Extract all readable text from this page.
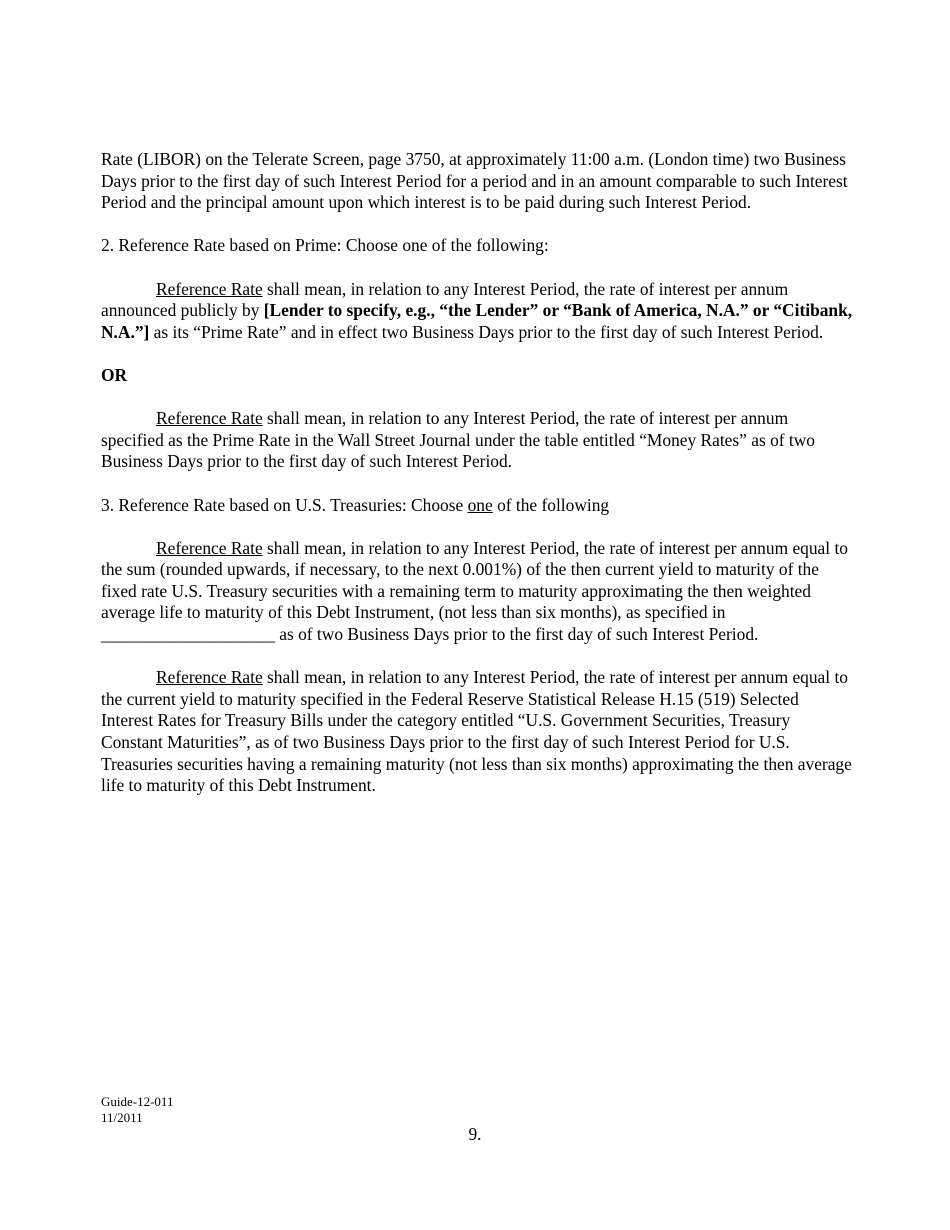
Rate (LIBOR) on the Telerate Screen, page 3750, at approximately 11:00 a.m. (London time) two Business Days prior to the first day of such Interest Period for a period and in an amount comparable to such Interest Period and the principal amount upon which interest is to be paid during such Interest Period.

2. Reference Rate based on Prime: Choose one of the following:

Reference Rate shall mean, in relation to any Interest Period, the rate of interest per annum announced publicly by [Lender to specify, e.g., “the Lender” or “Bank of America, N.A.” or “Citibank, N.A.”] as its “Prime Rate” and in effect two Business Days prior to the first day of such Interest Period.

OR

Reference Rate shall mean, in relation to any Interest Period, the rate of interest per annum specified as the Prime Rate in the Wall Street Journal under the table entitled “Money Rates” as of two Business Days prior to the first day of such Interest Period.

3. Reference Rate based on U.S. Treasuries: Choose one of the following

Reference Rate shall mean, in relation to any Interest Period, the rate of interest per annum equal to the sum (rounded upwards, if necessary, to the next 0.001%) of the then current yield to maturity of the fixed rate U.S. Treasury securities with a remaining term to maturity approximating the then weighted average life to maturity of this Debt Instrument, (not less than six months), as specified in ____________________ as of two Business Days prior to the first day of such Interest Period.

Reference Rate shall mean, in relation to any Interest Period, the rate of interest per annum equal to the current yield to maturity specified in the Federal Reserve Statistical Release H.15 (519) Selected Interest Rates for Treasury Bills under the category entitled “U.S. Government Securities, Treasury Constant Maturities”, as of two Business Days prior to the first day of such Interest Period for U.S. Treasuries securities having a remaining maturity (not less than six months) approximating the then average life to maturity of this Debt Instrument.

Guide-12-011
11/2011
9.
